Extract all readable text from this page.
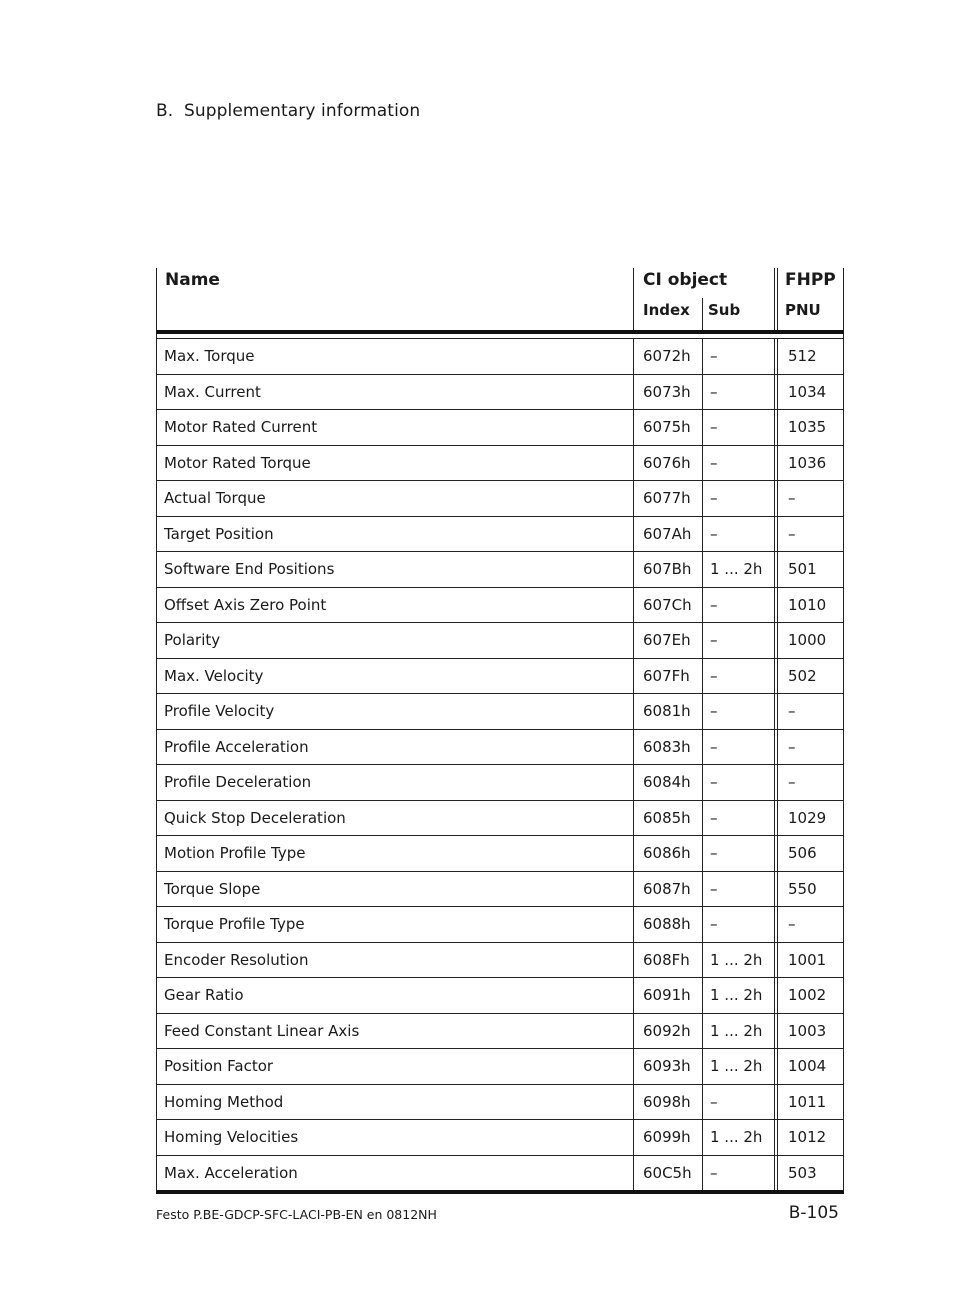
B. Supplementary information
Name	CI object	FHPP
Index Sub	PNU
Max. Torque	6072h	–	512
Max. Current	6073h	–	1034
Motor Rated Current	6075h	–	1035
Motor Rated Torque	6076h	–	1036
Actual Torque	6077h	–	–
Target Position	607Ah	–	–
Software End Positions	607Bh	1 ... 2h	501
Offset Axis Zero Point	607Ch	–	1010
Polarity	607Eh	–	1000
Max. Velocity	607Fh	–	502
Profile Velocity	6081h	–	–
Profile Acceleration	6083h	–	–
Profile Deceleration	6084h	–	–
Quick Stop Deceleration	6085h	–	1029
Motion Profile Type	6086h	–	506
Torque Slope	6087h	–	550
Torque Profile Type	6088h	–	–
Encoder Resolution	608Fh	1 ... 2h	1001
Gear Ratio	6091h	1 ... 2h	1002
Feed Constant Linear Axis	6092h	1 ... 2h	1003
Position Factor	6093h	1 ... 2h	1004
Homing Method	6098h	–	1011
Homing Velocities	6099h	1 ... 2h	1012
Max. Acceleration	60C5h	–	503
Festo P.BE-GDCP-SFC-LACI-PB-EN en 0812NH	B-105
